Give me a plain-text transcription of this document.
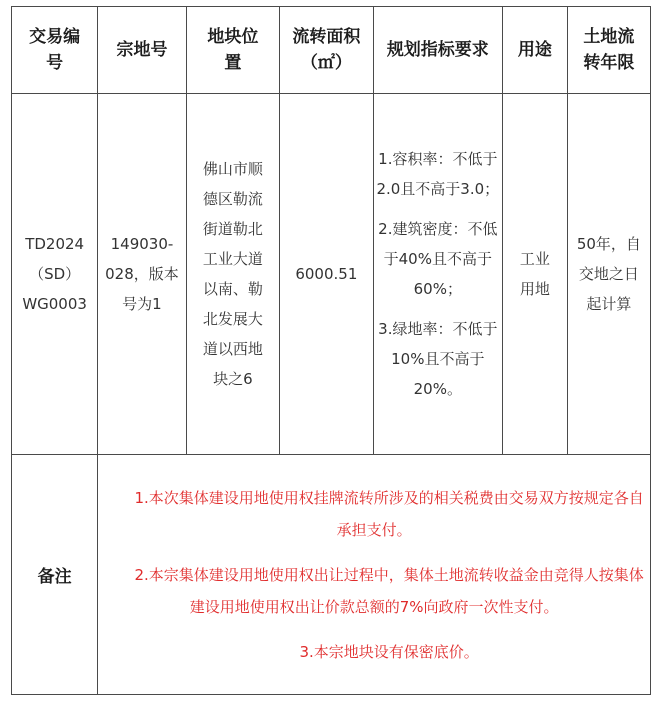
交易编号	宗地号	地块位置	流转面积（㎡）	规划指标要求	用途	土地流转年限
TD2024（SD）WG0003	149030-028，版本号为1	佛山市顺德区勒流街道勒北工业大道以南、勒北发展大道以西地块之6	6000.51	1.容积率：不低于2.0且不高于3.0；

2.建筑密度：不低于40%且不高于60%；

3.绿地率：不低于10%且不高于20%。	工业用地	50年，自交地之日起计算
备注	1.本次集体建设用地使用权挂牌流转所涉及的相关税费由交易双方按规定各自承担支付。

2.本宗集体建设用地使用权出让过程中，集体土地流转收益金由竞得人按集体建设用地使用权出让价款总额的7%向政府一次性支付。

3.本宗地块设有保密底价。					
